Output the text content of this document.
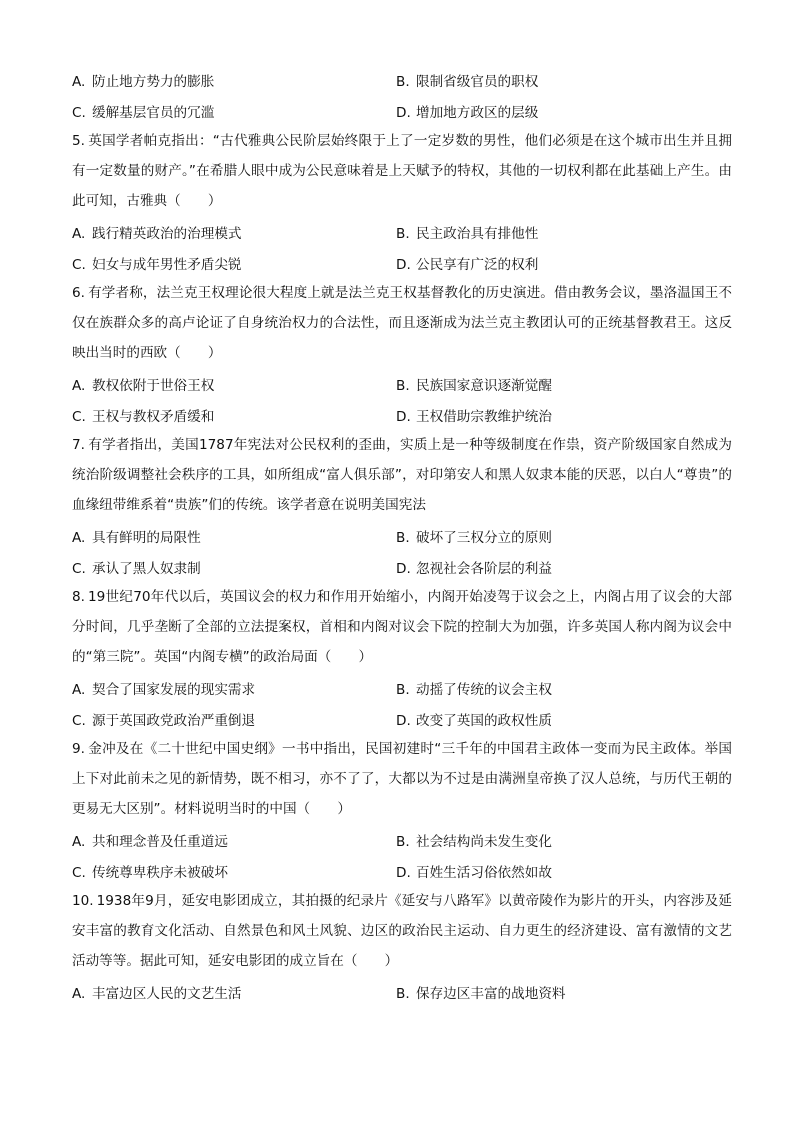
A. 防止地方势力的膨胀	B. 限制省级官员的职权
C. 缓解基层官员的冗滥	D. 增加地方政区的层级

5. 英国学者帕克指出：“古代雅典公民阶层始终限于上了一定岁数的男性，他们必须是在这个城市出生并且拥有一定数量的财产。”在希腊人眼中成为公民意味着是上天赋予的特权，其他的一切权利都在此基础上产生。由此可知，古雅典（　　）

A. 践行精英政治的治理模式	B. 民主政治具有排他性
C. 妇女与成年男性矛盾尖锐	D. 公民享有广泛的权利

6. 有学者称，法兰克王权理论很大程度上就是法兰克王权基督教化的历史演进。借由教务会议，墨洛温国王不仅在族群众多的高卢论证了自身统治权力的合法性，而且逐渐成为法兰克主教团认可的正统基督教君王。这反映出当时的西欧（　　）

A. 教权依附于世俗王权	B. 民族国家意识逐渐觉醒
C. 王权与教权矛盾缓和	D. 王权借助宗教维护统治

7. 有学者指出，美国1787年宪法对公民权利的歪曲，实质上是一种等级制度在作祟，资产阶级国家自然成为统治阶级调整社会秩序的工具，如所组成“富人俱乐部”，对印第安人和黑人奴隶本能的厌恶，以白人“尊贵”的血缘纽带维系着“贵族”们的传统。该学者意在说明美国宪法

A. 具有鲜明的局限性	B. 破坏了三权分立的原则
C. 承认了黑人奴隶制	D. 忽视社会各阶层的利益

8. 19世纪70年代以后，英国议会的权力和作用开始缩小，内阁开始凌驾于议会之上，内阁占用了议会的大部分时间，几乎垄断了全部的立法提案权，首相和内阁对议会下院的控制大为加强，许多英国人称内阁为议会中的“第三院”。英国“内阁专横”的政治局面（　　）

A. 契合了国家发展的现实需求	B. 动摇了传统的议会主权
C. 源于英国政党政治严重倒退	D. 改变了英国的政权性质

9. 金冲及在《二十世纪中国史纲》一书中指出，民国初建时“三千年的中国君主政体一变而为民主政体。举国上下对此前未之见的新情势，既不相习，亦不了了，大都以为不过是由满洲皇帝换了汉人总统，与历代王朝的更易无大区别”。材料说明当时的中国（　　）

A. 共和理念普及任重道远	B. 社会结构尚未发生变化
C. 传统尊卑秩序未被破坏	D. 百姓生活习俗依然如故

10. 1938年9月，延安电影团成立，其拍摄的纪录片《延安与八路军》以黄帝陵作为影片的开头，内容涉及延安丰富的教育文化活动、自然景色和风土风貌、边区的政治民主运动、自力更生的经济建设、富有激情的文艺活动等等。据此可知，延安电影团的成立旨在（　　）

A. 丰富边区人民的文艺生活	B. 保存边区丰富的战地资料
